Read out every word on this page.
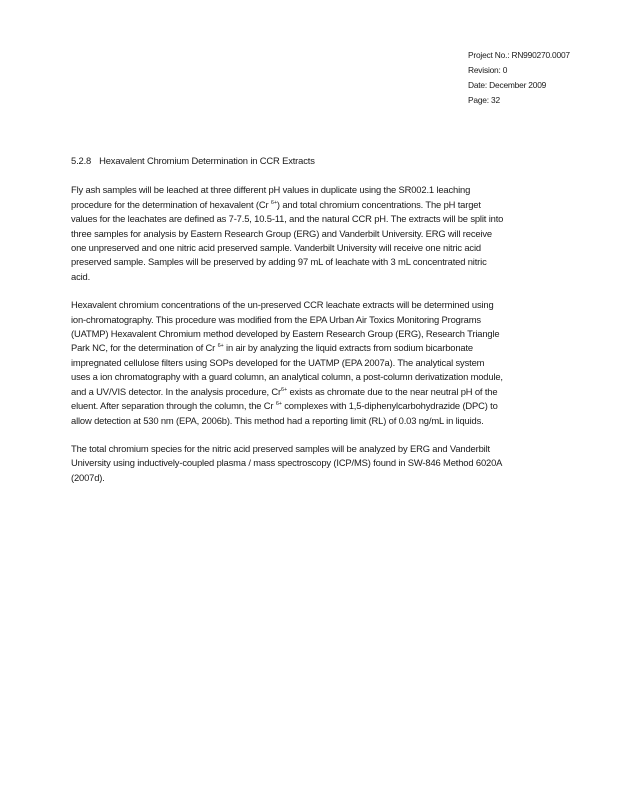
Project No.: RN990270.0007
Revision: 0
Date: December 2009
Page: 32
5.2.8 Hexavalent Chromium Determination in CCR Extracts

Fly ash samples will be leached at three different pH values in duplicate using the SR002.1 leaching
procedure for the determination of hexavalent (Cr $^{6+}$) and total chromium concentrations. The pH target
values for the leachates are defined as 7-7.5, 10.5-11, and the natural CCR pH. The extracts will be split into
three samples for analysis by Eastern Research Group (ERG) and Vanderbilt University. ERG will receive
one unpreserved and one nitric acid preserved sample. Vanderbilt University will receive one nitric acid
preserved sample. Samples will be preserved by adding 97 mL of leachate with 3 mL concentrated nitric
acid.

Hexavalent chromium concentrations of the un-preserved CCR leachate extracts will be determined using
ion-chromatography. This procedure was modified from the EPA Urban Air Toxics Monitoring Programs
(UATMP) Hexavalent Chromium method developed by Eastern Research Group (ERG), Research Triangle
Park NC, for the determination of Cr $^{6+}$ in air by analyzing the liquid extracts from sodium bicarbonate
impregnated cellulose filters using SOPs developed for the UATMP (EPA 2007a). The analytical system
uses a ion chromatography with a guard column, an analytical column, a post-column derivatization module,
and a UV/VIS detector. In the analysis procedure, $Cr^{6+}$ exists as chromate due to the near neutral pH of the
eluent. After separation through the column, the Cr $^{6+}$ complexes with 1,5-diphenylcarbohydrazide (DPC) to
allow detection at 530 nm (EPA, 2006b). This method had a reporting limit (RL) of 0.03 ng/mL in liquids.

The total chromium species for the nitric acid preserved samples will be analyzed by ERG and Vanderbilt
University using inductively-coupled plasma / mass spectroscopy (ICP/MS) found in SW-846 Method 6020A
(2007d).
